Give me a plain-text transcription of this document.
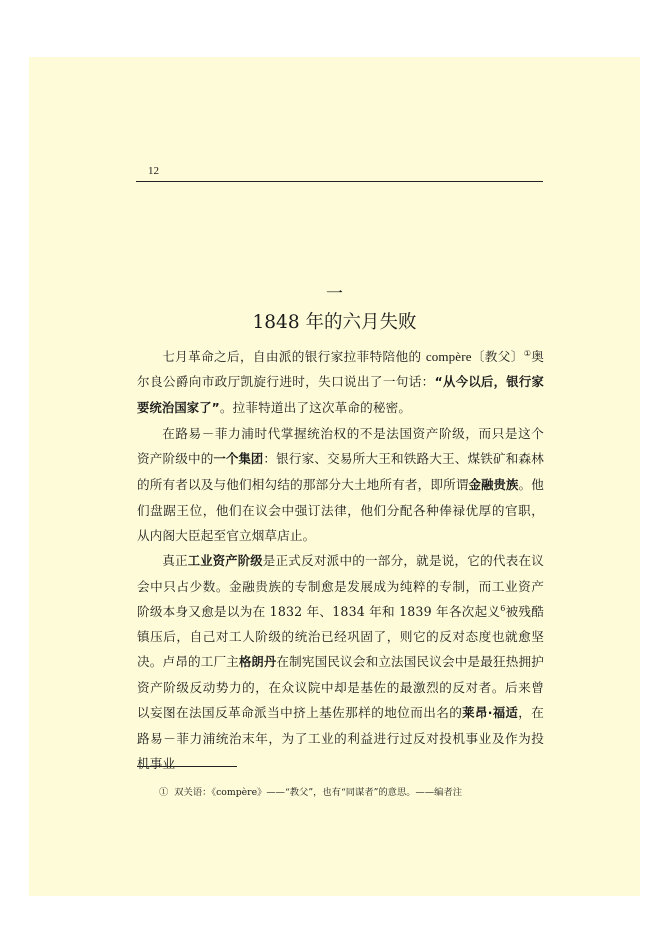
12
一
1848 年的六月失败

七月革命之后，自由派的银行家拉菲特陪他的 compère〔教父〕①奥尔良公爵向市政厅凯旋行进时，失口说出了一句话：“从今以后，银行家要统治国家了”。拉菲特道出了这次革命的秘密。

在路易－菲力浦时代掌握统治权的不是法国资产阶级，而只是这个资产阶级中的一个集团：银行家、交易所大王和铁路大王、煤铁矿和森林的所有者以及与他们相勾结的那部分大土地所有者，即所谓金融贵族。他们盘踞王位，他们在议会中强订法律，他们分配各种俸禄优厚的官职，从内阁大臣起至官立烟草店止。

真正工业资产阶级是正式反对派中的一部分，就是说，它的代表在议会中只占少数。金融贵族的专制愈是发展成为纯粹的专制，而工业资产阶级本身又愈是以为在 1832 年、1834 年和 1839 年各次起义$^6$被残酷镇压后，自己对工人阶级的统治已经巩固了，则它的反对态度也就愈坚决。卢昂的工厂主格朗丹在制宪国民议会和立法国民议会中是最狂热拥护资产阶级反动势力的，在众议院中却是基佐的最激烈的反对者。后来曾以妄图在法国反革命派当中挤上基佐那样的地位而出名的莱昂·福适，在路易－菲力浦统治末年，为了工业的利益进行过反对投机事业及作为投机事业

① 双关语：《compère》——“教父”，也有“同谋者”的意思。——编者注
